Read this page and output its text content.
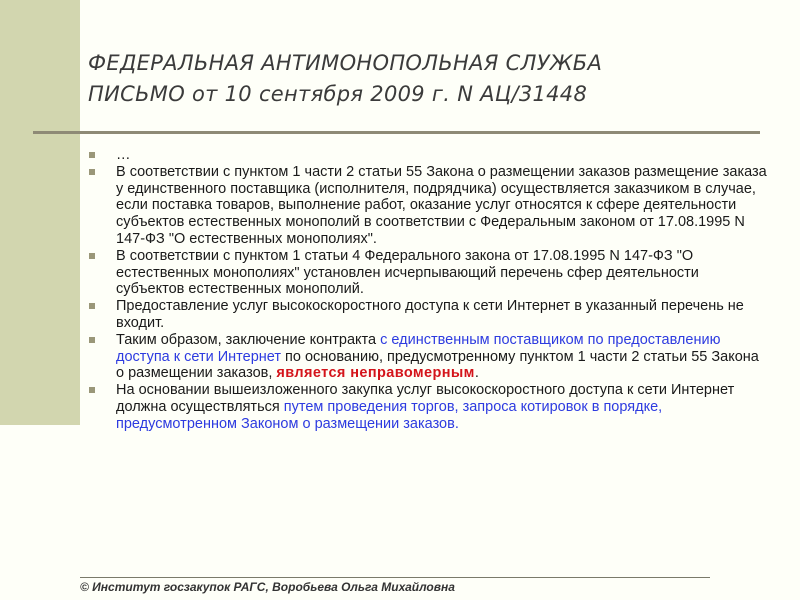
ФЕДЕРАЛЬНАЯ АНТИМОНОПОЛЬНАЯ СЛУЖБА
ПИСЬМО от 10 сентября 2009 г. N АЦ/31448
…
В соответствии с пунктом 1 части 2 статьи 55 Закона о размещении заказов размещение заказа у единственного поставщика (исполнителя, подрядчика) осуществляется заказчиком в случае, если поставка товаров, выполнение работ, оказание услуг относятся к сфере деятельности субъектов естественных монополий в соответствии с Федеральным законом от 17.08.1995 N 147-ФЗ "О естественных монополиях".
В соответствии с пунктом 1 статьи 4 Федерального закона от 17.08.1995 N 147-ФЗ "О естественных монополиях" установлен исчерпывающий перечень сфер деятельности субъектов естественных монополий.
Предоставление услуг высокоскоростного доступа к сети Интернет в указанный перечень не входит.
Таким образом, заключение контракта с единственным поставщиком по предоставлению доступа к сети Интернет по основанию, предусмотренному пунктом 1 части 2 статьи 55 Закона о размещении заказов, является неправомерным.
На основании вышеизложенного закупка услуг высокоскоростного доступа к сети Интернет должна осуществляться путем проведения торгов, запроса котировок в порядке, предусмотренном Законом о размещении заказов.
© Институт госзакупок РАГС, Воробьева Ольга Михайловна
